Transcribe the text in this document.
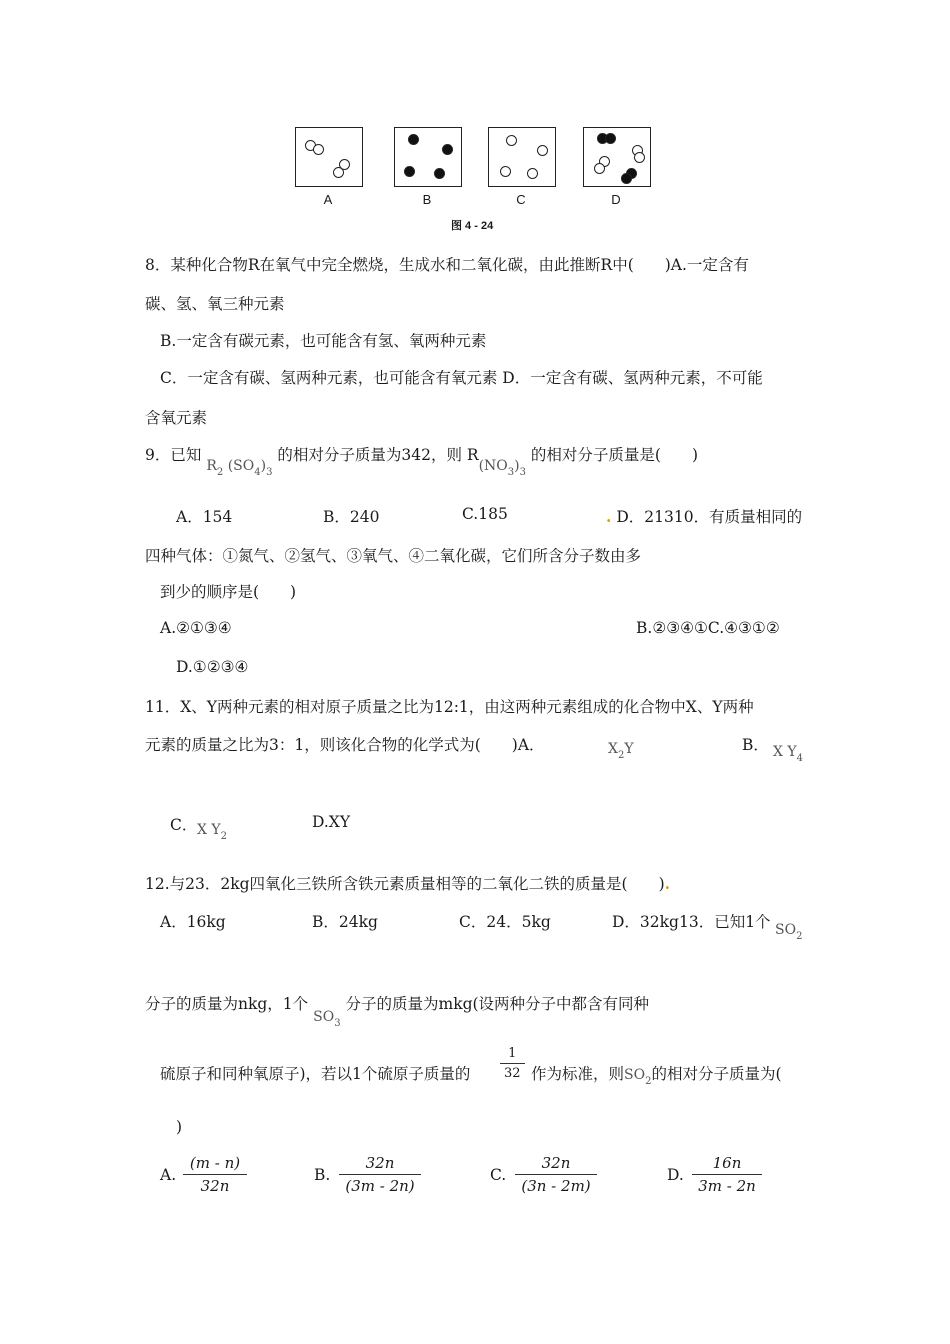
A	B	C	D
图 4 - 24
8．某种化合物R在氧气中完全燃烧，生成水和二氧化碳，由此推断R中(　　)A.一定含有
碳、氢、氧三种元素
B.一定含有碳元素，也可能含有氢、氧两种元素
C．一定含有碳、氢两种元素，也可能含有氧元素 D．一定含有碳、氢两种元素，不可能
含氧元素
9．已知 $R_2$ $(SO_4)_3$ 的相对分子质量为342，则 $R(NO_3)_3$ 的相对分子质量是(　　)
A．154	B．240	C.185	. D．21310．有质量相同的
四种气体：①氮气、②氢气、③氧气、④二氧化碳，它们所含分子数由多
到少的顺序是(　　)
A.②①③④	B.②③④①C.④③①②
D.①②③④
11．X、Y两种元素的相对原子质量之比为12:1，由这两种元素组成的化合物中X、Y两种
元素的质量之比为3：1，则该化合物的化学式为(　　)A．	$X_2Y$	B． X $Y_4$
C． X $Y_2$
D.XY
12.与23．2kg四氧化三铁所含铁元素质量相等的二氧化二铁的质量是(　　).
A．16kg	B．24kg	C．24．5kg	D．32kg13．已知1个 $SO_2$
分子的质量为nkg，1个 $SO_3$ 分子的质量为mkg(设两种分子中都含有同种
硫原子和同种氧原子)，若以1个硫原子质量的 $\frac{1}{32}$ 作为标准，则$SO_2$的相对分子质量为(
)
A. $\frac{(m - n)}{32n}$	B. $\frac{32n}{(3m - 2n)}$	C. $\frac{32n}{(3n - 2m)}$	D. $\frac{16n}{3m - 2n}$
